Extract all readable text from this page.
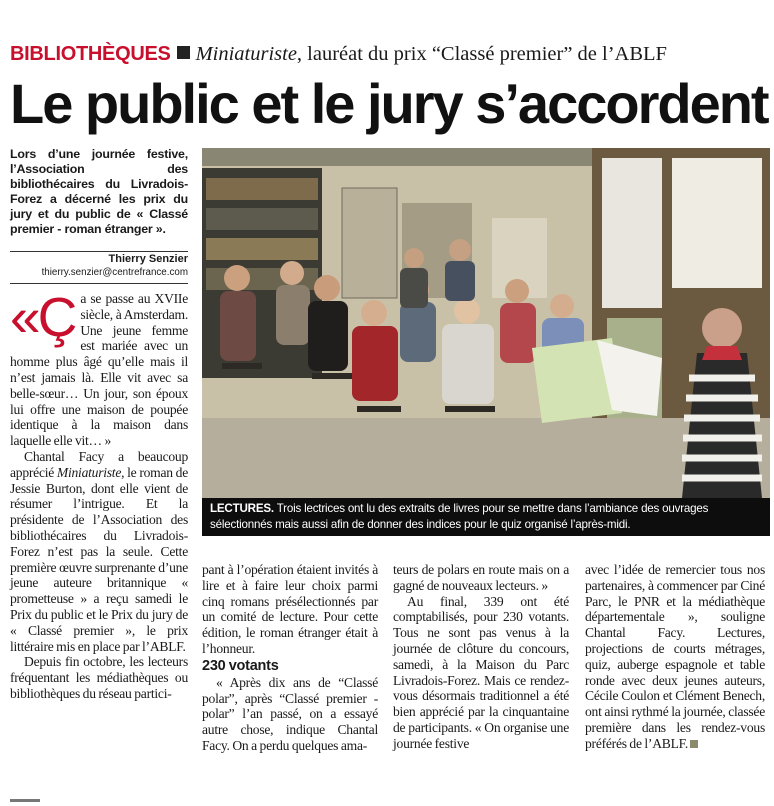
BIBLIOTHÈQUES Miniaturiste, lauréat du prix “Classé premier” de l’ABLF
Le public et le jury s’accordent
Lors d’une journée festive, l’Association des bibliothécaires du Livradois-Forez a décerné les prix du jury et du public de « Classé premier - roman étranger ».
Thierry Senzier
thierry.senzier@centrefrance.com

«Ça se passe au XVIIe siècle, à Amsterdam. Une jeune femme est mariée avec un homme plus âgé qu’elle mais il n’est jamais là. Elle vit avec sa belle-sœur… Un jour, son époux lui offre une maison de poupée identique à la maison dans laquelle elle vit… »

Chantal Facy a beaucoup apprécié Miniaturiste, le roman de Jessie Burton, dont elle vient de résumer l’intrigue. Et la présidente de l’Association des bibliothécaires du Livradois-Forez n’est pas la seule. Cette première œuvre surprenante d’une jeune auteure britannique « prometteuse » a reçu samedi le Prix du public et le Prix du jury de « Classé premier », le prix littéraire mis en place par l’ABLF.

Depuis fin octobre, les lecteurs fréquentant les médiathèques ou bibliothèques du réseau partici-

LECTURES. Trois lectrices ont lu des extraits de livres pour se mettre dans l’ambiance des ouvrages sélectionnés mais aussi afin de donner des indices pour le quiz organisé l’après-midi.

pant à l’opération étaient invités à lire et à faire leur choix parmi cinq romans présélectionnés par un comité de lecture. Pour cette édition, le roman étranger était à l’honneur.

230 votants

« Après dix ans de “Classé polar”, après “Classé premier - polar” l’an passé, on a essayé autre chose, indique Chantal Facy. On a perdu quelques ama-

teurs de polars en route mais on a gagné de nouveaux lecteurs. »

Au final, 339 ont été comptabilisés, pour 230 votants. Tous ne sont pas venus à la journée de clôture du concours, samedi, à la Maison du Parc Livradois-Forez. Mais ce rendez-vous désormais traditionnel a été bien apprécié par la cinquantaine de participants. « On organise une journée festive

avec l’idée de remercier tous nos partenaires, à commencer par Ciné Parc, le PNR et la médiathèque départementale », souligne Chantal Facy. Lectures, projections de courts métrages, quiz, auberge espagnole et table ronde avec deux jeunes auteurs, Cécile Coulon et Clément Benech, ont ainsi rythmé la journée, classée première dans les rendez-vous préférés de l’ABLF.
